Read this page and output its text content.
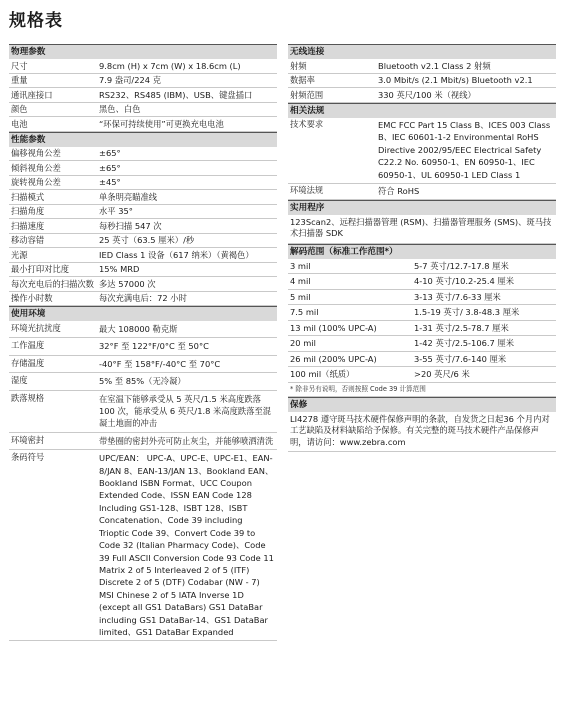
规格表
物理参数
尺寸	9.8cm (H) x 7cm (W) x 18.6cm (L)
重量	7.9 盎司/224 克
通讯座接口	RS232、RS485 (IBM)、USB、键盘插口
颜色	黑色、白色
电池	“环保可持续使用”可更换充电电池
性能参数
偏移视角公差	±65°
倾斜视角公差	±65°
旋转视角公差	±45°
扫描模式	单条明亮瞄准线
扫描角度	水平 35°
扫描速度	每秒扫描 547 次
移动容错	25 英寸（63.5 厘米）/秒
光源	IED Class 1 设备（617 纳米）（黄褐色）
最小打印对比度	15% MRD
每次充电后的扫描次数 多达 57000 次
操作小时数	每次充满电后：72 小时
使用环境
环境光抗扰度	最大 108000 勒克斯
工作温度	32°F 至 122°F/0°C 至 50°C
存储温度	-40°F 至 158°F/-40°C 至 70°C
湿度	5% 至 85%（无冷凝）
跌落规格	在室温下能够承受从 5 英尺/1.5 米高度跌落 100 次，能承受从 6 英尺/1.8 米高度跌落至混凝土地面的冲击
环境密封	带垫圈的密封外壳可防止灰尘，并能够喷洒清洗
条码符号	UPC/EAN： UPC-A、UPC-E、UPC-E1、EAN-8/JAN 8、EAN-13/JAN 13、Bookland EAN、Bookland ISBN Format、UCC Coupon Extended Code、ISSN EAN Code 128 Including GS1-128、ISBT 128、ISBT Concatenation、Code 39 including Trioptic Code 39、Convert Code 39 to Code 32 (Italian Pharmacy Code)、Code 39 Full ASCII Conversion Code 93 Code 11 Matrix 2 of 5 Interleaved 2 of 5 (ITF) Discrete 2 of 5 (DTF) Codabar (NW - 7) MSI Chinese 2 of 5 IATA Inverse 1D (except all GS1 DataBars) GS1 DataBar including GS1 DataBar-14、GS1 DataBar limited、GS1 DataBar Expanded
无线连接
射频	Bluetooth v2.1 Class 2 射频
数据率	3.0 Mbit/s (2.1 Mbit/s) Bluetooth v2.1
射频范围	330 英尺/100 米（视线）
相关法规
技术要求	EMC FCC Part 15 Class B、ICES 003 Class B、IEC 60601-1-2 Environmental RoHS Directive 2002/95/EEC Electrical Safety C22.2 No. 60950-1、EN 60950-1、IEC 60950-1、UL 60950-1 LED Class 1
环境法规	符合 RoHS
实用程序
123Scan2、远程扫描器管理 (RSM)、扫描器管理服务 (SMS)、斑马技术扫描器 SDK
解码范围（标准工作范围*）
3 mil	5-7 英寸/12.7-17.8 厘米
4 mil	4-10 英寸/10.2-25.4 厘米
5 mil	3-13 英寸/7.6-33 厘米
7.5 mil	1.5-19 英寸/ 3.8-48.3 厘米
13 mil (100% UPC-A)	1-31 英寸/2.5-78.7 厘米
20 mil	1-42 英寸/2.5-106.7 厘米
26 mil (200% UPC-A)	3-55 英寸/7.6-140 厘米
100 mil（纸质）	>20 英尺/6 米
* 除非另有说明，否则按照 Code 39 计算范围
保修
LI4278 遵守斑马技术硬件保修声明的条款，自发货之日起36 个月内对工艺缺陷及材料缺陷给予保修。有关完整的斑马技术硬件产品保修声明，请访问：www.zebra.com
